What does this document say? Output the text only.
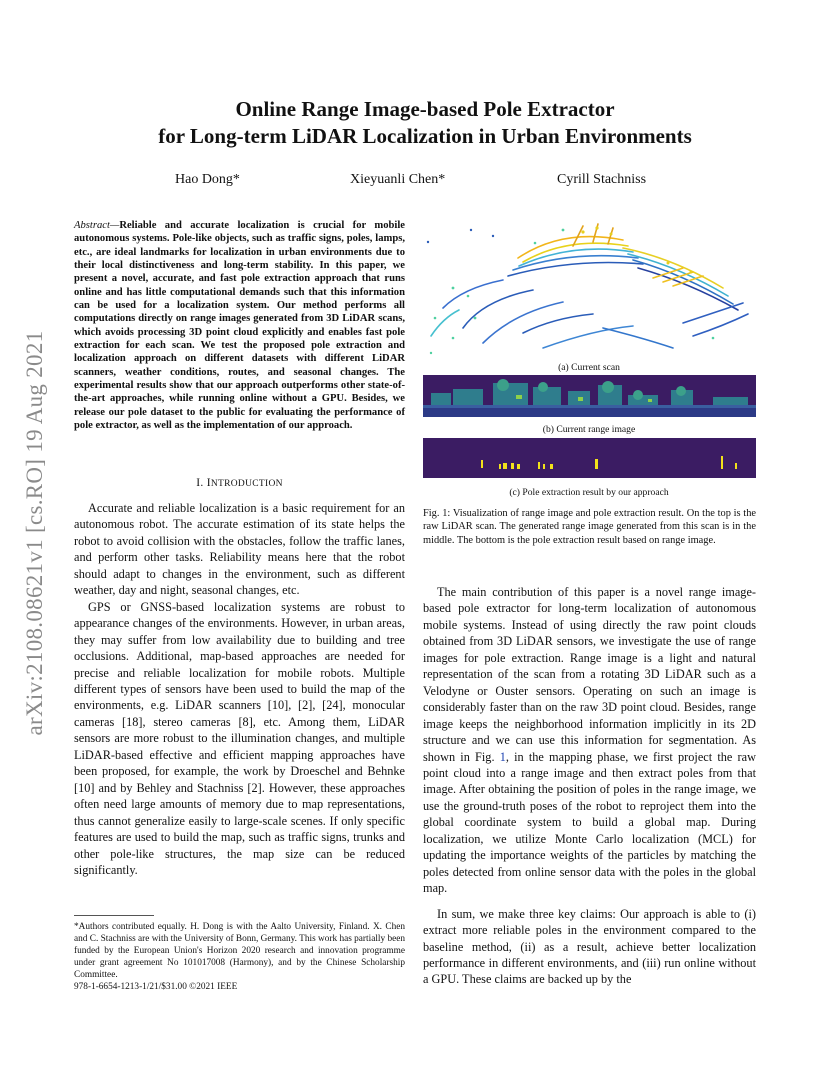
arXiv:2108.08621v1 [cs.RO] 19 Aug 2021
Online Range Image-based Pole Extractor
for Long-term LiDAR Localization in Urban Environments
Hao Dong*	Xieyuanli Chen*	Cyrill Stachniss
Abstract—Reliable and accurate localization is crucial for mobile autonomous systems. Pole-like objects, such as traffic signs, poles, lamps, etc., are ideal landmarks for localization in urban environments due to their local distinctiveness and long-term stability. In this paper, we present a novel, accurate, and fast pole extraction approach that runs online and has little computational demands such that this information can be used for a localization system. Our method performs all computations directly on range images generated from 3D LiDAR scans, which avoids processing 3D point cloud explicitly and enables fast pole extraction for each scan. We test the proposed pole extraction and localization approach on different datasets with different LiDAR scanners, weather conditions, routes, and seasonal changes. The experimental results show that our approach outperforms other state-of-the-art approaches, while running online without a GPU. Besides, we release our pole dataset to the public for evaluating the performance of pole extractor, as well as the implementation of our approach.
I. INTRODUCTION

Accurate and reliable localization is a basic requirement for an autonomous robot. The accurate estimation of its state helps the robot to avoid collision with the obstacles, follow the traffic lanes, and perform other tasks. Reliability means here that the robot should adapt to changes in the environment, such as different weather, day and night, seasonal changes, etc.

GPS or GNSS-based localization systems are robust to appearance changes of the environments. However, in urban areas, they may suffer from low availability due to building and tree occlusions. Additional, map-based approaches are needed for precise and reliable localization for mobile robots. Multiple different types of sensors have been used to build the map of the environments, e.g. LiDAR scanners [10], [2], [24], monocular cameras [18], stereo cameras [8], etc. Among them, LiDAR sensors are more robust to the illumination changes, and multiple LiDAR-based effective and efficient mapping approaches have been proposed, for example, the work by Droeschel and Behnke [10] and by Behley and Stachniss [2]. However, these approaches often need large amounts of memory due to map representations, thus cannot generalize easily to large-scale scenes. If only specific features are used to build the map, such as traffic signs, trunks and other pole-like structures, the map size can be reduced significantly.

*Authors contributed equally. H. Dong is with the Aalto University, Finland. X. Chen and C. Stachniss are with the University of Bonn, Germany. This work has partially been funded by the European Union's Horizon 2020 research and innovation programme under grant agreement No 101017008 (Harmony), and by the Chinese Scholarship Committee.
978-1-6654-1213-1/21/$31.00 ©2021 IEEE
(a) Current scan
(b) Current range image
(c) Pole extraction result by our approach
Fig. 1: Visualization of range image and pole extraction result. On the top is the raw LiDAR scan. The generated range image generated from this scan is in the middle. The bottom is the pole extraction result based on range image.

The main contribution of this paper is a novel range image-based pole extractor for long-term localization of autonomous mobile systems. Instead of using directly the raw point clouds obtained from 3D LiDAR sensors, we investigate the use of range images for pole extraction. Range image is a light and natural representation of the scan from a rotating 3D LiDAR such as a Velodyne or Ouster sensors. Operating on such an image is considerably faster than on the raw 3D point cloud. Besides, range image keeps the neighborhood information implicitly in its 2D structure and we can use this information for segmentation. As shown in Fig. 1, in the mapping phase, we first project the raw point cloud into a range image and then extract poles from that image. After obtaining the position of poles in the range image, we use the ground-truth poses of the robot to reproject them into the global coordinate system to build a global map. During localization, we utilize Monte Carlo localization (MCL) for updating the importance weights of the particles by matching the poles detected from online sensor data with the poles in the global map.

In sum, we make three key claims: Our approach is able to (i) extract more reliable poles in the environment compared to the baseline method, (ii) as a result, achieve better localization performance in different environments, and (iii) run online without a GPU. These claims are backed up by the
